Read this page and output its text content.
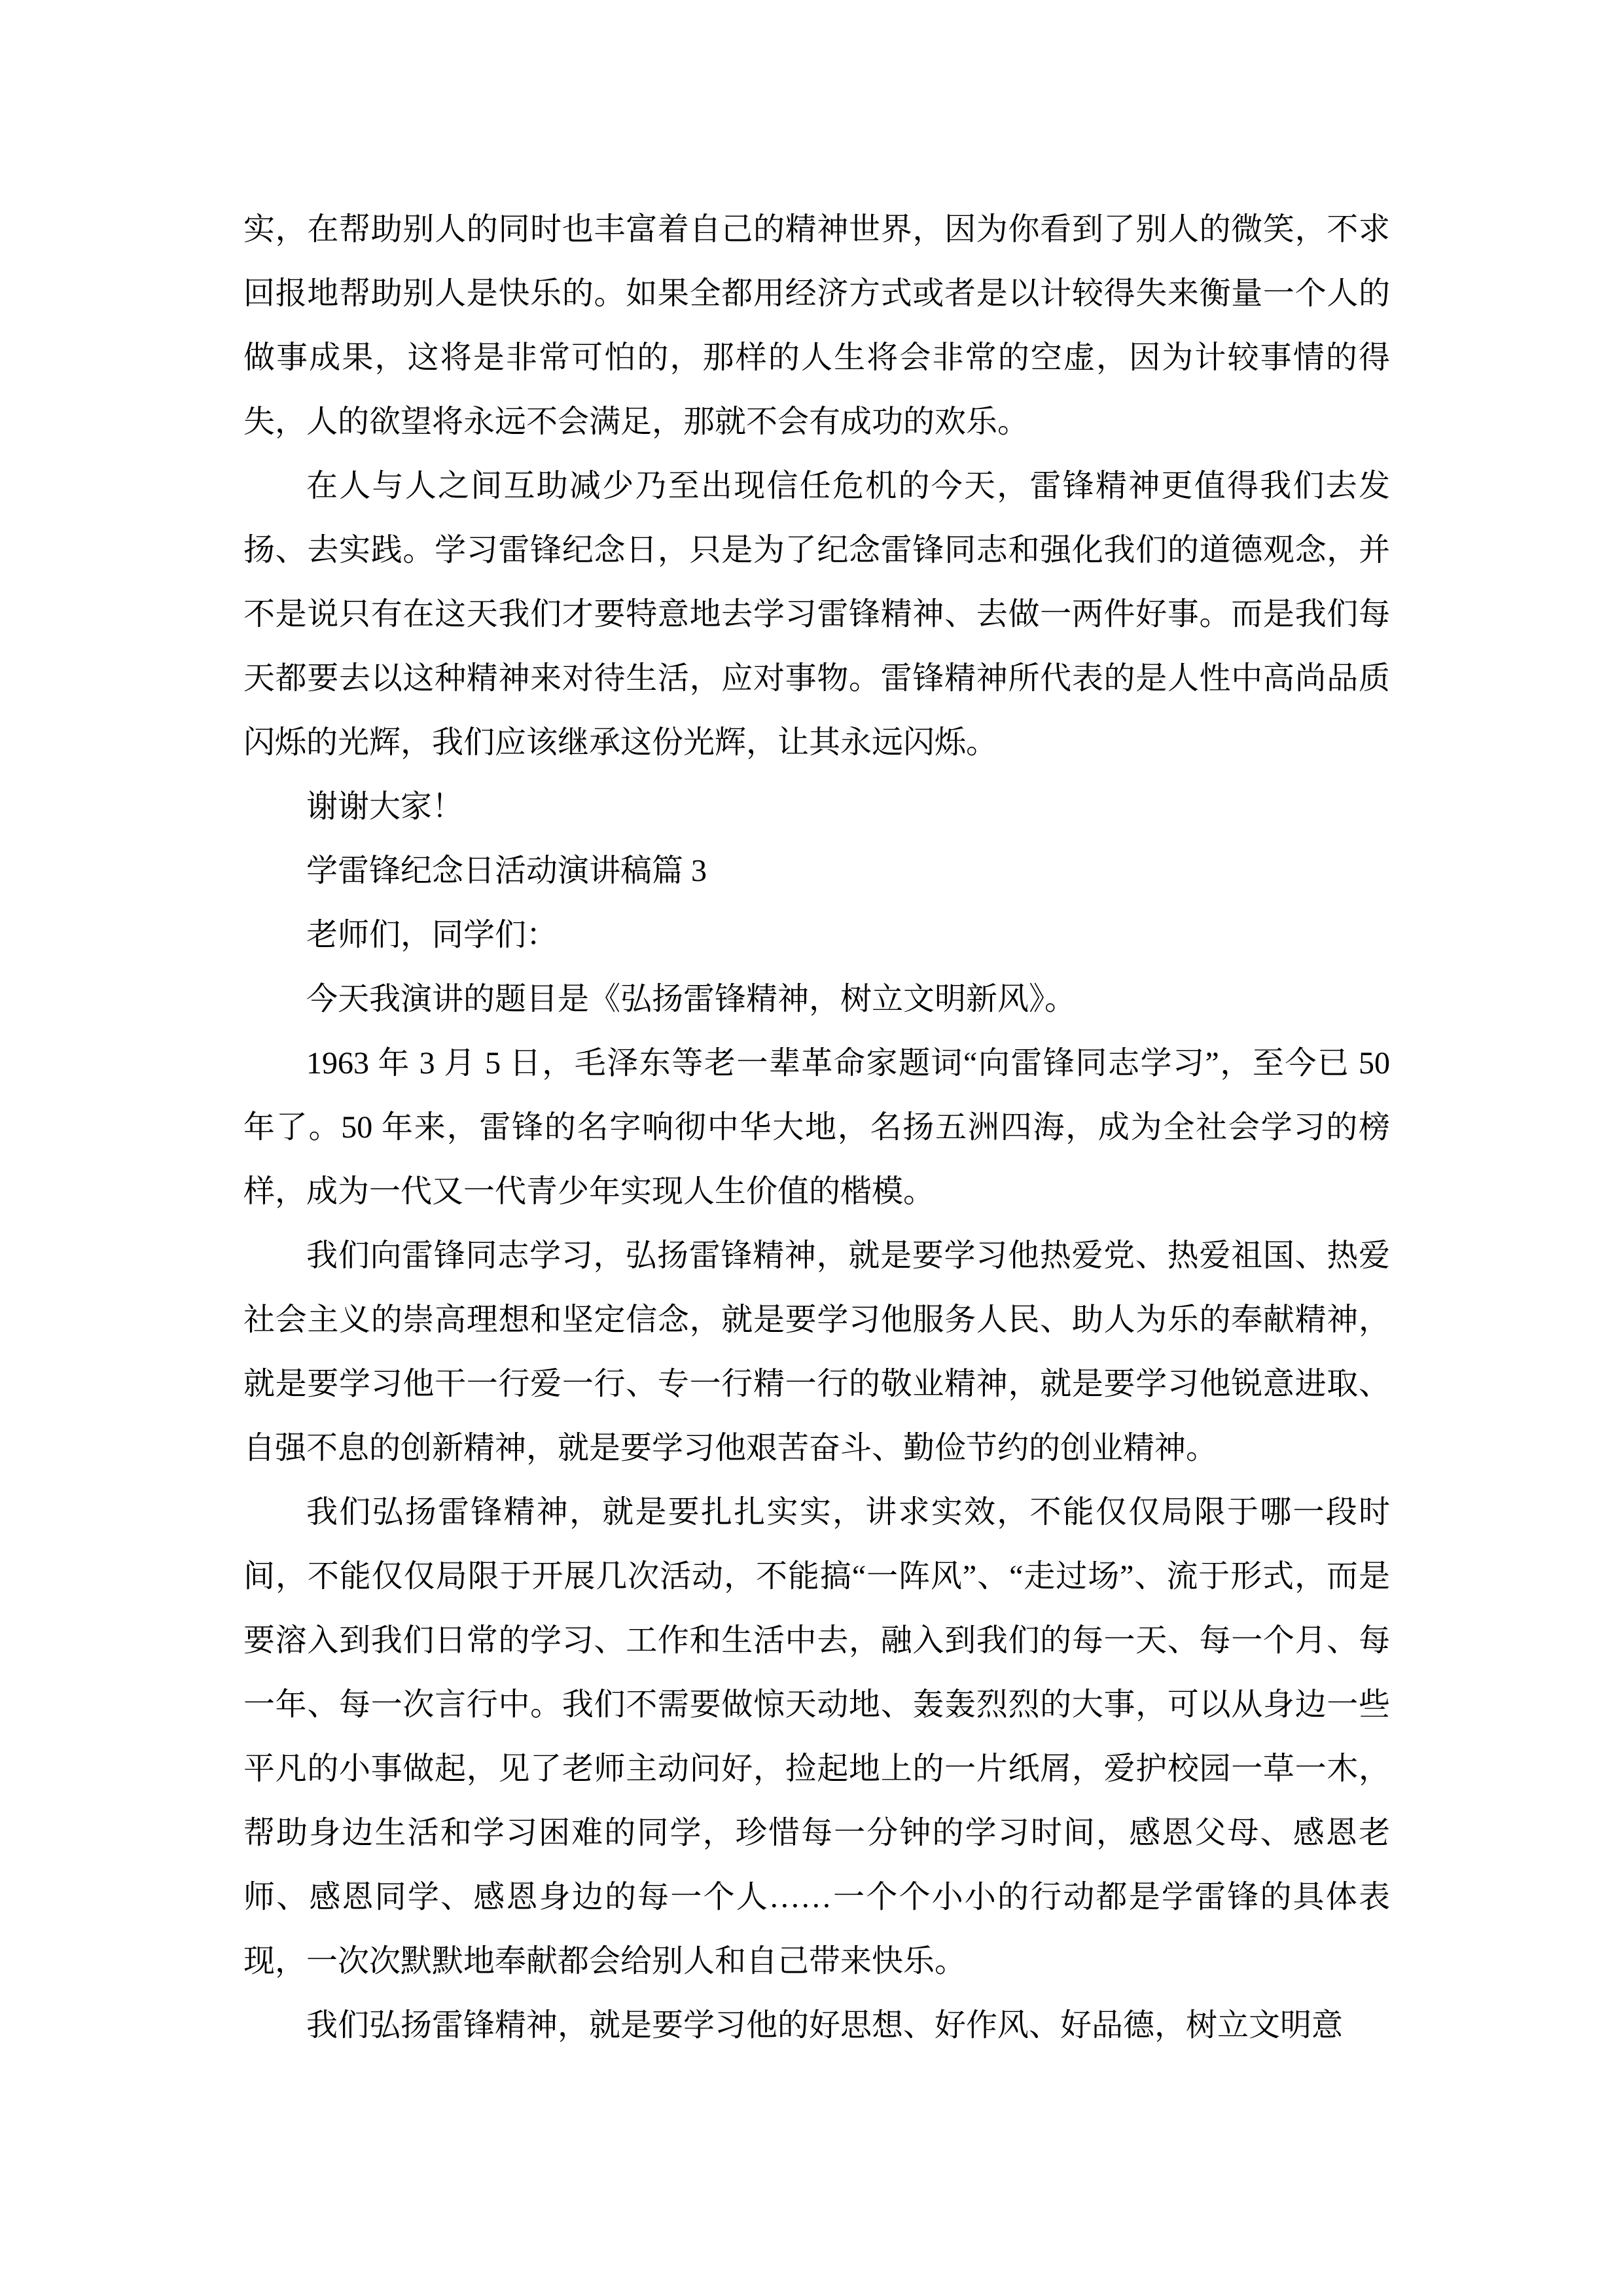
实，在帮助别人的同时也丰富着自己的精神世界，因为你看到了别人的微笑，不求回报地帮助别人是快乐的。如果全都用经济方式或者是以计较得失来衡量一个人的做事成果，这将是非常可怕的，那样的人生将会非常的空虚，因为计较事情的得失，人的欲望将永远不会满足，那就不会有成功的欢乐。

在人与人之间互助减少乃至出现信任危机的今天，雷锋精神更值得我们去发扬、去实践。学习雷锋纪念日，只是为了纪念雷锋同志和强化我们的道德观念，并不是说只有在这天我们才要特意地去学习雷锋精神、去做一两件好事。而是我们每天都要去以这种精神来对待生活，应对事物。雷锋精神所代表的是人性中高尚品质闪烁的光辉，我们应该继承这份光辉，让其永远闪烁。

谢谢大家！

学雷锋纪念日活动演讲稿篇 3

老师们，同学们：

今天我演讲的题目是《弘扬雷锋精神，树立文明新风》。

1963 年 3 月 5 日，毛泽东等老一辈革命家题词“向雷锋同志学习”，至今已 50 年了。50 年来，雷锋的名字响彻中华大地，名扬五洲四海，成为全社会学习的榜样，成为一代又一代青少年实现人生价值的楷模。

我们向雷锋同志学习，弘扬雷锋精神，就是要学习他热爱党、热爱祖国、热爱社会主义的崇高理想和坚定信念，就是要学习他服务人民、助人为乐的奉献精神，就是要学习他干一行爱一行、专一行精一行的敬业精神，就是要学习他锐意进取、自强不息的创新精神，就是要学习他艰苦奋斗、勤俭节约的创业精神。

我们弘扬雷锋精神，就是要扎扎实实，讲求实效，不能仅仅局限于哪一段时间，不能仅仅局限于开展几次活动，不能搞“一阵风”、“走过场”、流于形式，而是要溶入到我们日常的学习、工作和生活中去，融入到我们的每一天、每一个月、每一年、每一次言行中。我们不需要做惊天动地、轰轰烈烈的大事，可以从身边一些平凡的小事做起，见了老师主动问好，捡起地上的一片纸屑，爱护校园一草一木，帮助身边生活和学习困难的同学，珍惜每一分钟的学习时间，感恩父母、感恩老师、感恩同学、感恩身边的每一个人……一个个小小的行动都是学雷锋的具体表现，一次次默默地奉献都会给别人和自己带来快乐。

我们弘扬雷锋精神，就是要学习他的好思想、好作风、好品德，树立文明意
